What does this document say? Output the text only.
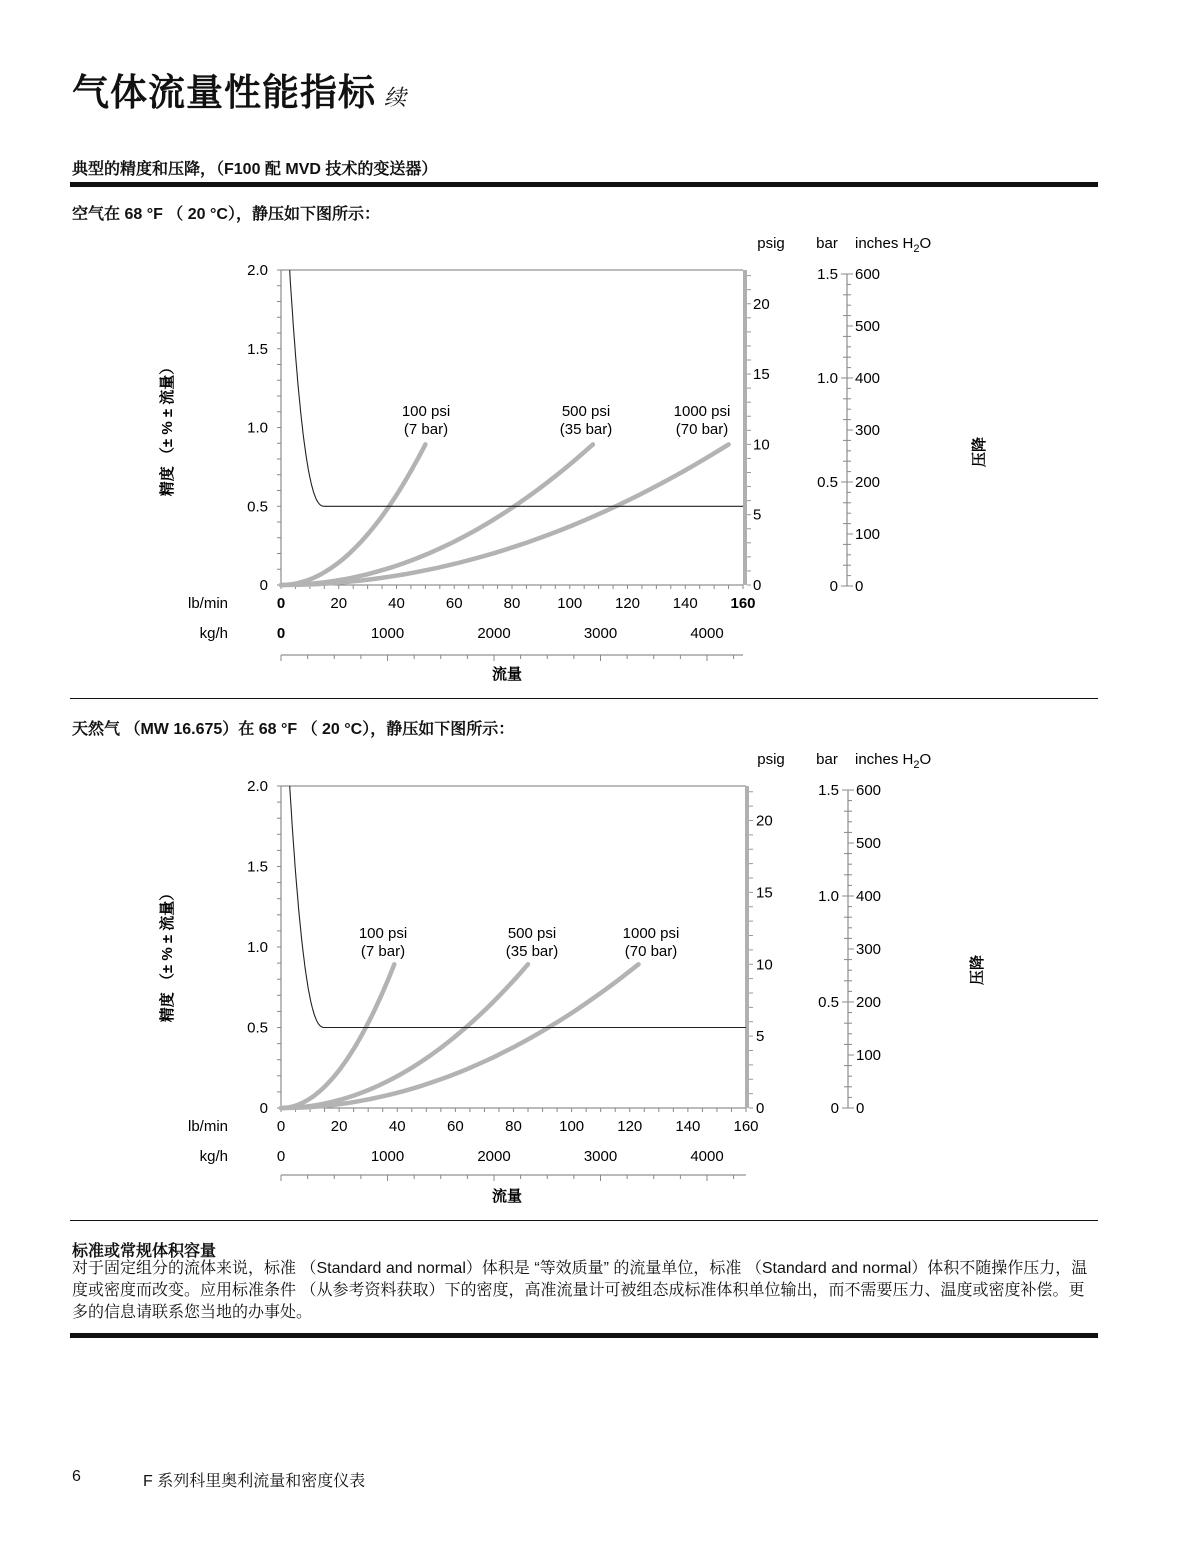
气体流量性能指标 续
典型的精度和压降，（F100 配 MVD 技术的变送器）
空气在 68 °F （ 20 °C），静压如下图所示：
0
0.5
1.0
1.5
2.0
lb/min	0	20	40	60	80 100 120 140 160
kg/h	0	1000	2000	3000	4000
流量
精度 （± % ± 流量）
0
5
10
15
20
0
0.5
1.0
1.5
0
100
200
300
400
500
600
psig bar inches $H_2O$
压降
100 psi
(7 bar)
500 psi
(35 bar)
1000 psi
(70 bar)
天然气 （MW 16.675）在 68 °F （ 20 °C），静压如下图所示：
0
0.5
1.0
1.5
2.0
lb/min	0	20	40	60	80 100 120 140 160
kg/h	0	1000	2000	3000	4000
流量
精度 （± % ± 流量）
0
5
10
15
20
0
0.5
1.0
1.5
0
100
200
300
400
500
600
psig bar inches $H_2O$
压降
100 psi
(7 bar)
500 psi
(35 bar)
1000 psi
(70 bar)
标准或常规体积容量
对于固定组分的流体来说，标准 （Standard and normal）体积是 “等效质量” 的流量单位，标准 （Standard and normal）体积不随操作压力，温度或密度而改变。应用标准条件 （从参考资料获取）下的密度，高准流量计可被组态成标准体积单位输出，而不需要压力、温度或密度补偿。更多的信息请联系您当地的办事处。
6	F 系列科里奥利流量和密度仪表
